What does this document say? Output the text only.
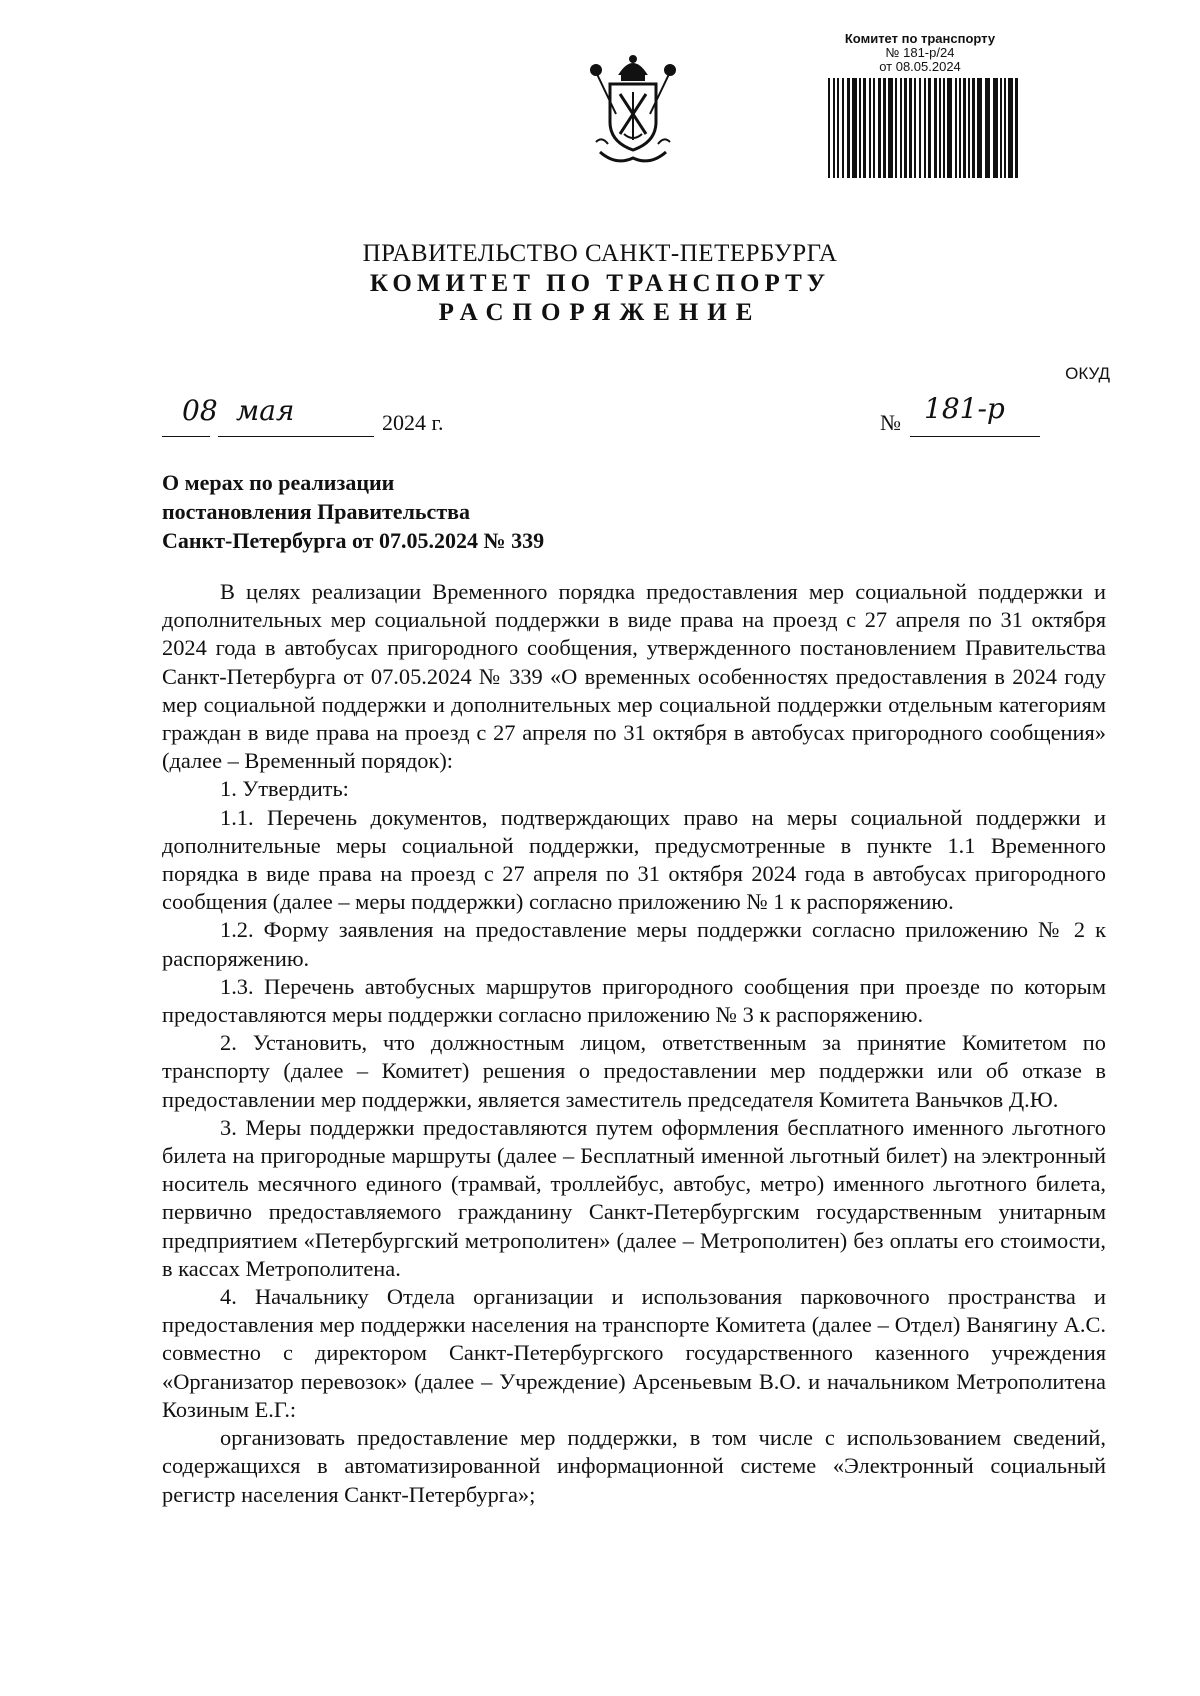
Комитет по транспорту
№ 181-р/24
от 08.05.2024
ПРАВИТЕЛЬСТВО САНКТ-ПЕТЕРБУРГА
КОМИТЕТ ПО ТРАНСПОРТУ
РАСПОРЯЖЕНИЕ
ОКУД
08 мая	2024 г.	№ 181-р
О мерах по реализации
постановления Правительства
Санкт-Петербурга от 07.05.2024 № 339

В целях реализации Временного порядка предоставления мер социальной поддержки и дополнительных мер социальной поддержки в виде права на проезд с 27 апреля по 31 октября 2024 года в автобусах пригородного сообщения, утвержденного постановлением Правительства Санкт-Петербурга от 07.05.2024 № 339 «О временных особенностях предоставления в 2024 году мер социальной поддержки и дополнительных мер социальной поддержки отдельным категориям граждан в виде права на проезд с 27 апреля по 31 октября в автобусах пригородного сообщения» (далее – Временный порядок):

1. Утвердить:

1.1. Перечень документов, подтверждающих право на меры социальной поддержки и дополнительные меры социальной поддержки, предусмотренные в пункте 1.1 Временного порядка в виде права на проезд с 27 апреля по 31 октября 2024 года в автобусах пригородного сообщения (далее – меры поддержки) согласно приложению № 1 к распоряжению.

1.2. Форму заявления на предоставление меры поддержки согласно приложению № 2 к распоряжению.

1.3. Перечень автобусных маршрутов пригородного сообщения при проезде по которым предоставляются меры поддержки согласно приложению № 3 к распоряжению.

2. Установить, что должностным лицом, ответственным за принятие Комитетом по транспорту (далее – Комитет) решения о предоставлении мер поддержки или об отказе в предоставлении мер поддержки, является заместитель председателя Комитета Ваньчков Д.Ю.

3. Меры поддержки предоставляются путем оформления бесплатного именного льготного билета на пригородные маршруты (далее – Бесплатный именной льготный билет) на электронный носитель месячного единого (трамвай, троллейбус, автобус, метро) именного льготного билета, первично предоставляемого гражданину Санкт-Петербургским государственным унитарным предприятием «Петербургский метрополитен» (далее – Метрополитен) без оплаты его стоимости, в кассах Метрополитена.

4. Начальнику Отдела организации и использования парковочного пространства и предоставления мер поддержки населения на транспорте Комитета (далее – Отдел) Ванягину А.С. совместно с директором Санкт-Петербургского государственного казенного учреждения «Организатор перевозок» (далее – Учреждение) Арсеньевым В.О. и начальником Метрополитена Козиным Е.Г.:

организовать предоставление мер поддержки, в том числе с использованием сведений, содержащихся в автоматизированной информационной системе «Электронный социальный регистр населения Санкт-Петербурга»;
